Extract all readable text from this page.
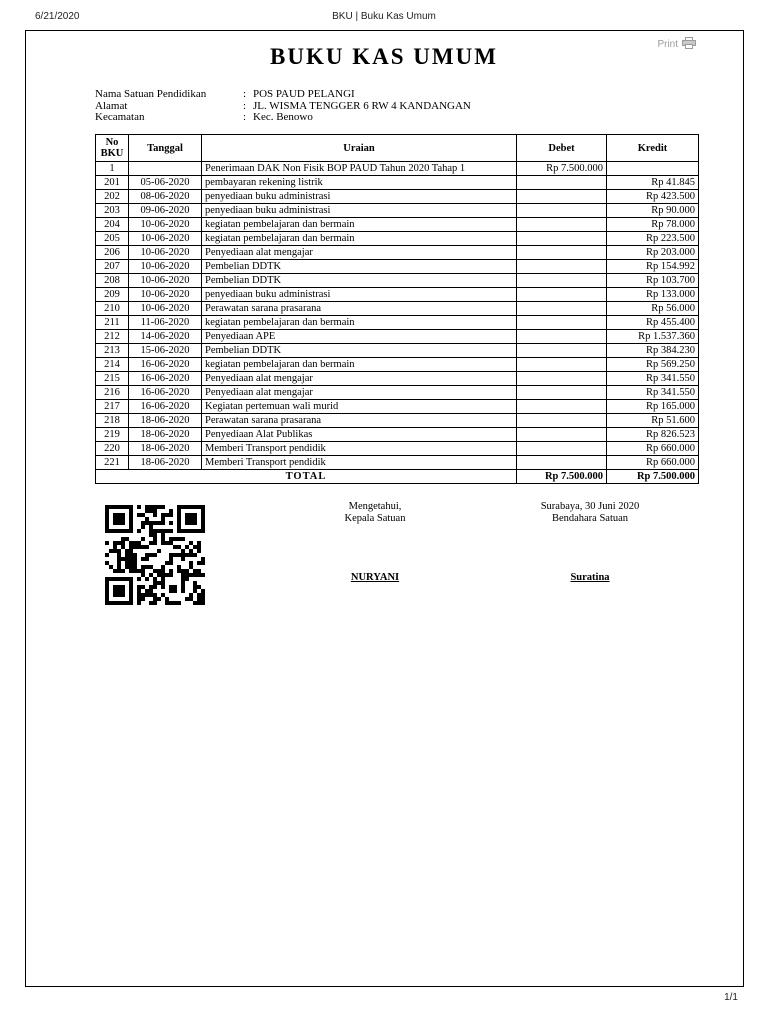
6/21/2020	BKU | Buku Kas Umum
Print
BUKU KAS UMUM
Nama Satuan Pendidikan	: POS PAUD PELANGI
Alamat	: JL. WISMA TENGGER 6 RW 4 KANDANGAN
Kecamatan	: Kec. Benowo
No BKU	Tanggal	Uraian	Debet	Kredit
1		Penerimaan DAK Non Fisik BOP PAUD Tahun 2020 Tahap 1	Rp 7.500.000	
201	05-06-2020	pembayaran rekening listrik		Rp 41.845
202	08-06-2020	penyediaan buku administrasi		Rp 423.500
203	09-06-2020	penyediaan buku administrasi		Rp 90.000
204	10-06-2020	kegiatan pembelajaran dan bermain		Rp 78.000
205	10-06-2020	kegiatan pembelajaran dan bermain		Rp 223.500
206	10-06-2020	Penyediaan alat mengajar		Rp 203.000
207	10-06-2020	Pembelian DDTK		Rp 154.992
208	10-06-2020	Pembelian DDTK		Rp 103.700
209	10-06-2020	penyediaan buku administrasi		Rp 133.000
210	10-06-2020	Perawatan sarana prasarana		Rp 56.000
211	11-06-2020	kegiatan pembelajaran dan bermain		Rp 455.400
212	14-06-2020	Penyediaan APE		Rp 1.537.360
213	15-06-2020	Pembelian DDTK		Rp 384.230
214	16-06-2020	kegiatan pembelajaran dan bermain		Rp 569.250
215	16-06-2020	Penyediaan alat mengajar		Rp 341.550
216	16-06-2020	Penyediaan alat mengajar		Rp 341.550
217	16-06-2020	Kegiatan pertemuan wali murid		Rp 165.000
218	18-06-2020	Perawatan sarana prasarana		Rp 51.600
219	18-06-2020	Penyediaan Alat Publikas		Rp 826.523
220	18-06-2020	Memberi Transport pendidik		Rp 660.000
221	18-06-2020	Memberi Transport pendidik		Rp 660.000
TOTAL			Rp 7.500.000	Rp 7.500.000
Mengetahui,
Kepala Satuan
Surabaya, 30 Juni 2020
Bendahara Satuan
NURYANI	Suratina
1/1
